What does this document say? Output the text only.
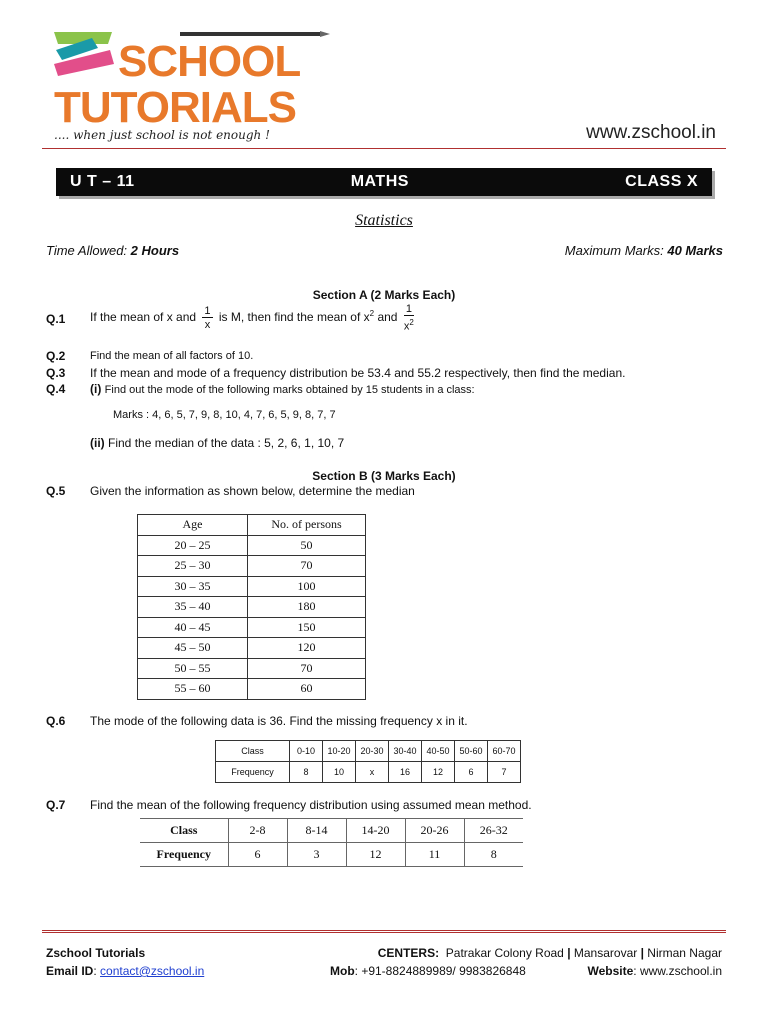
SCHOOL
TUTORIALS
.... when just school is not enough !	www.zschool.in
U T – 11	MATHS	CLASS X
Statistics
Time Allowed: 2 Hours	Maximum Marks: 40 Marks
Section A (2 Marks Each)
Q.1 If the mean of x and $\frac{1}{x}$ is M, then find the mean of $x^2$ and $\frac{1}{x^2}$
Q.2 Find the mean of all factors of 10.
Q.3 If the mean and mode of a frequency distribution be 53.4 and 55.2 respectively, then find the median.
Q.4 (i) Find out the mode of the following marks obtained by 15 students in a class:
Marks : 4, 6, 5, 7, 9, 8, 10, 4, 7, 6, 5, 9, 8, 7, 7
(ii) Find the median of the data : 5, 2, 6, 1, 10, 7
Section B (3 Marks Each)
Q.5 Given the information as shown below, determine the median
Age	No. of persons
20 – 25	50
25 – 30	70
30 – 35	100
35 – 40	180
40 – 45	150
45 – 50	120
50 – 55	70
55 – 60	60
Q.6 The mode of the following data is 36. Find the missing frequency x in it.
Class	0-10	10-20	20-30	30-40	40-50	50-60	60-70
Frequency	8	10	x	16	12	6	7
Q.7 Find the mean of the following frequency distribution using assumed mean method.
Class	2-8	8-14	14-20	20-26	26-32
Frequency	6	3	12	11	8
Zschool Tutorials	CENTERS: Patrakar Colony Road | Mansarovar | Nirman Nagar
Email ID: contact@zschool.in	Mob: +91-8824889989/ 9983826848	Website: www.zschool.in
